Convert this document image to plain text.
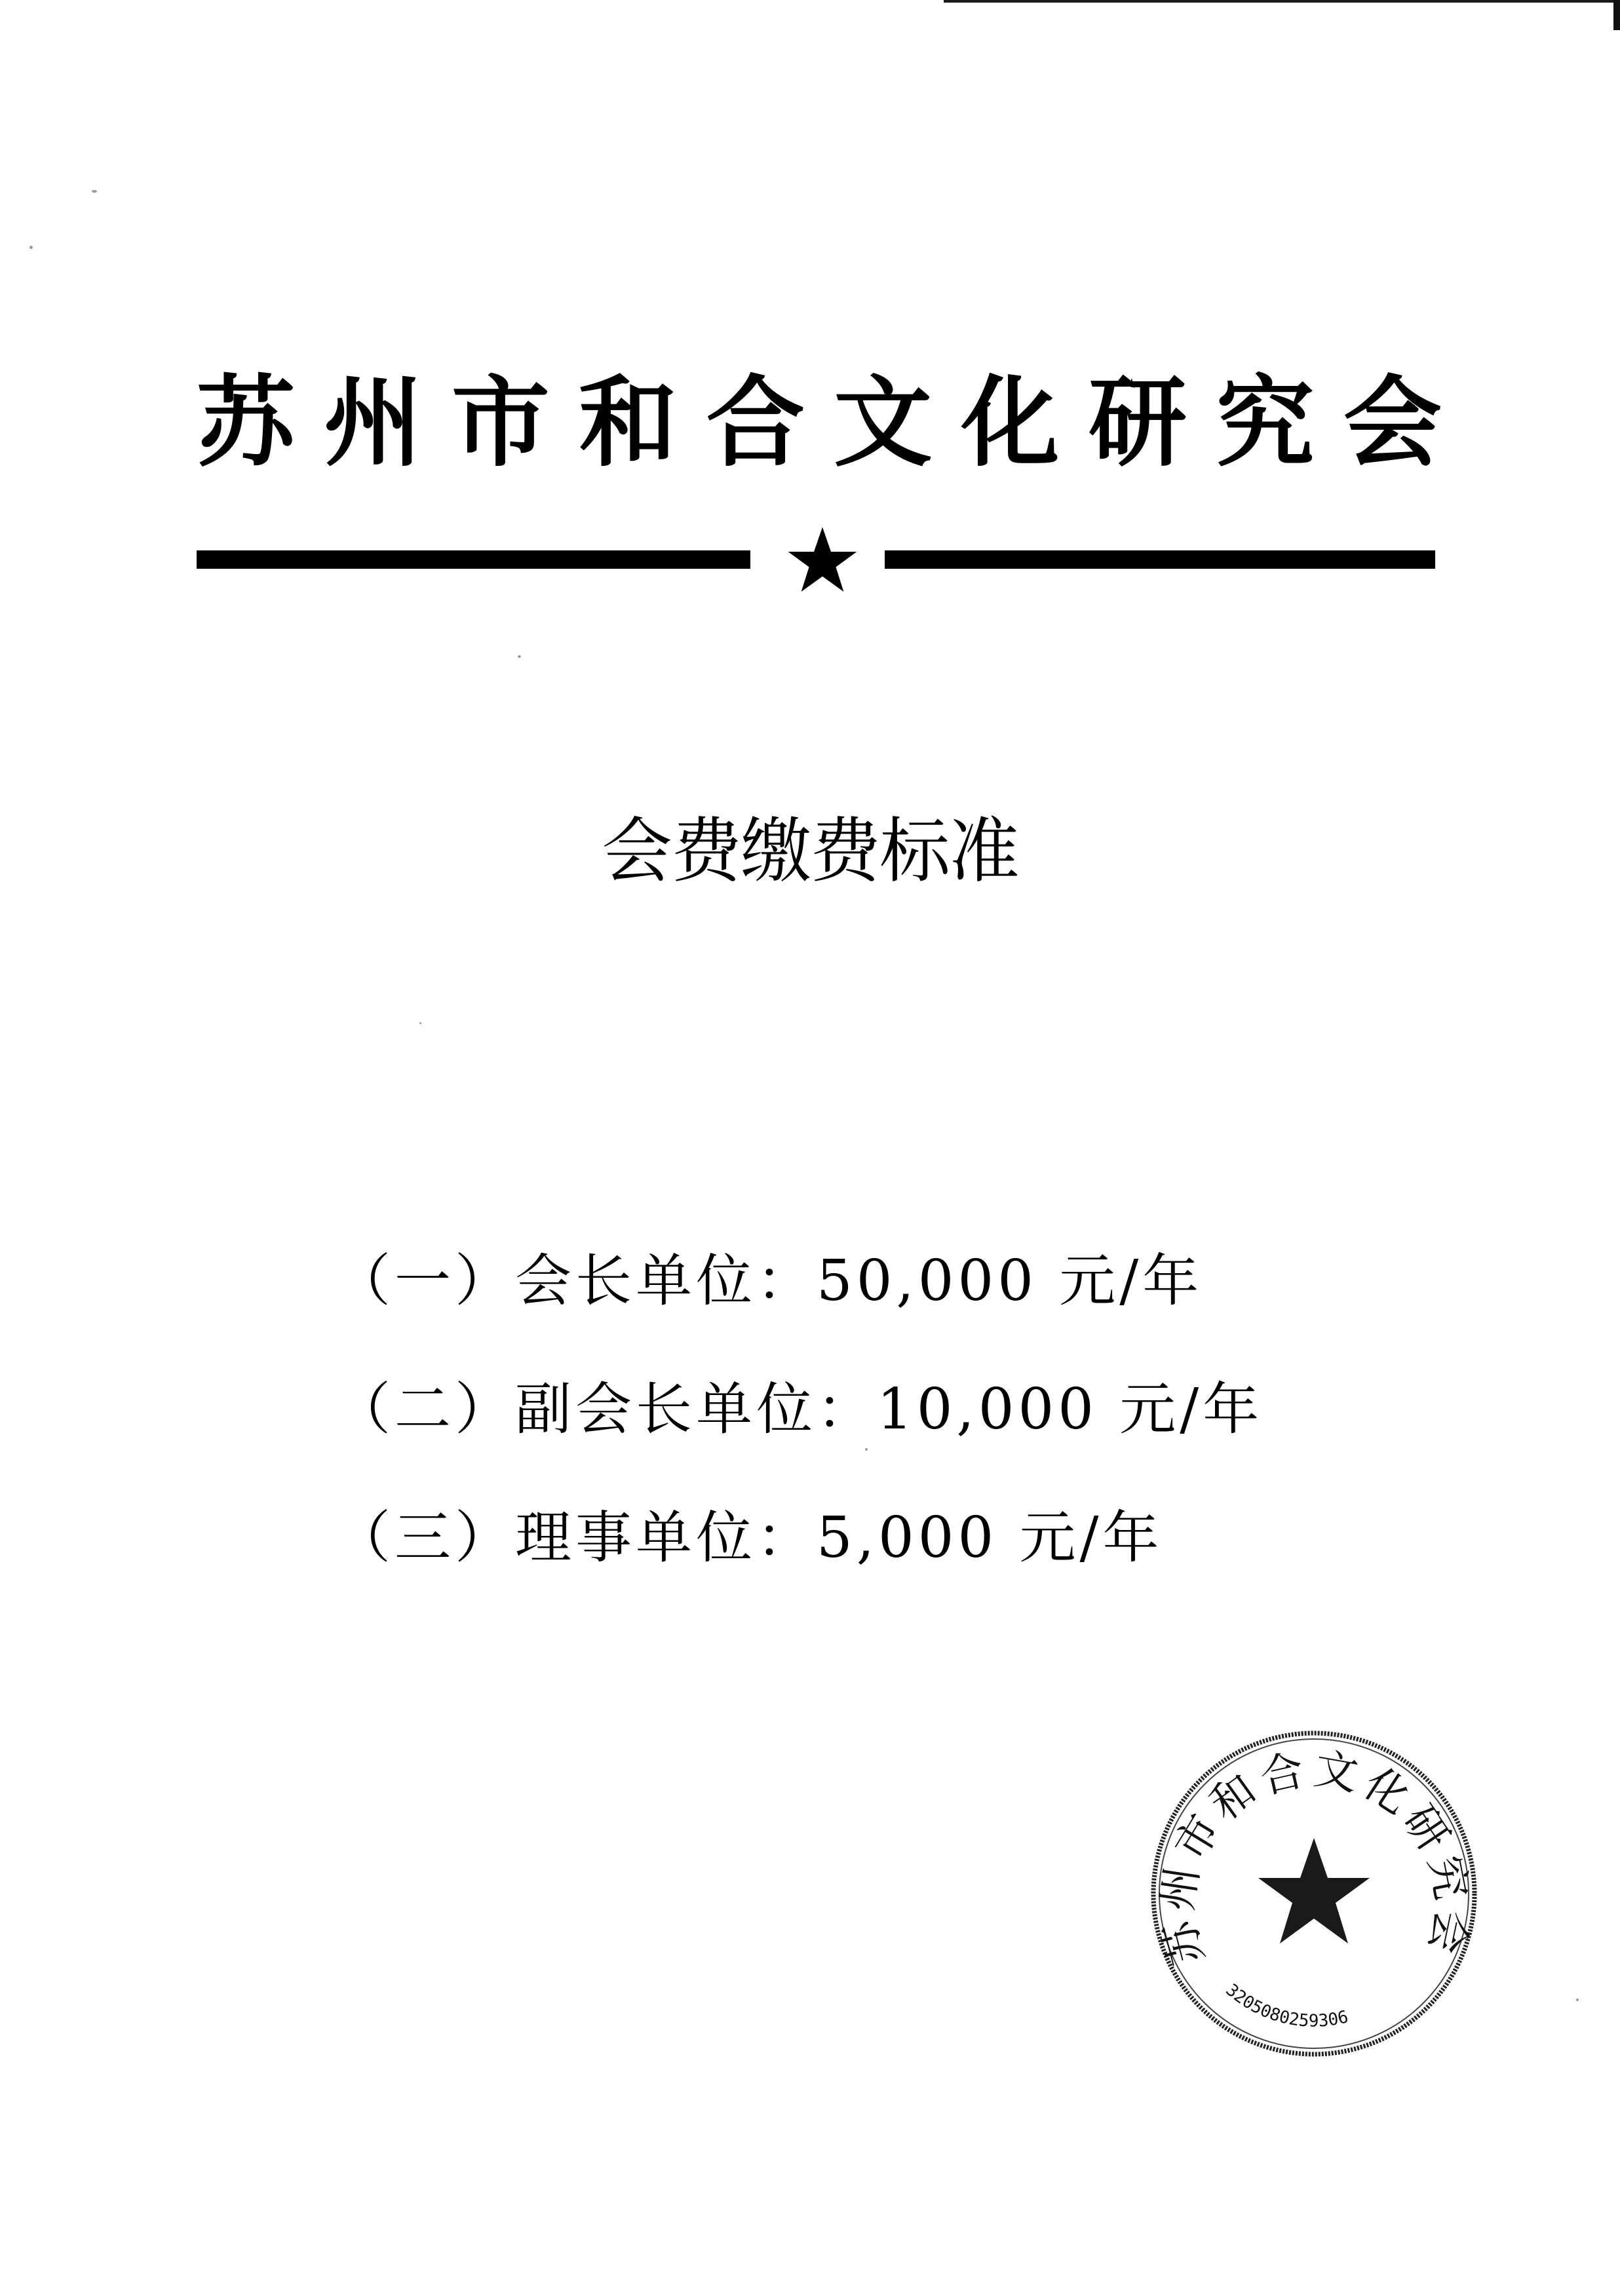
苏 州 市 和 合 文 化 研 究 会
会费缴费标准
（一）会长单位：50,000 元/年
（二）副会长单位：10,000 元/年
（三）理事单位：5,000 元/年
苏州市和合文化研究会
3205080259306
